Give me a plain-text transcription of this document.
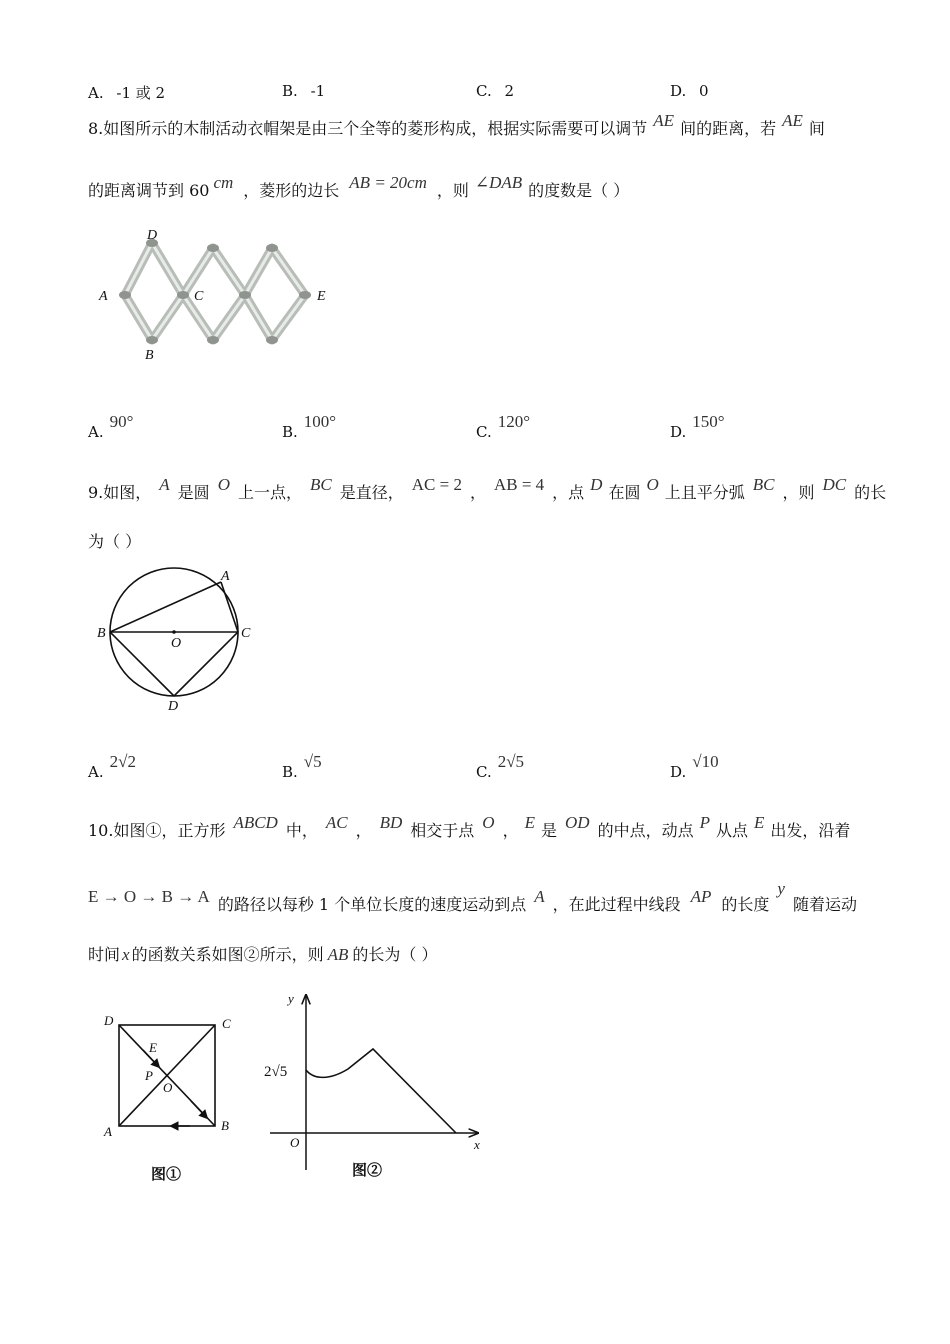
A. -1 或 2	B. -1	C. 2	D. 0
8.如图所示的木制活动衣帽架是由三个全等的菱形构成，根据实际需要可以调节 AE 间的距离，若 AE 间
的距离调节到 60 cm ，菱形的边长 AB = 20cm ，则 ∠DAB 的度数是（ ）
D
A	C	E
B
A.90°
B.100°
C.120°
D.150°
9.如图， A 是圆 O 上一点， BC 是直径， AC = 2 ， AB = 4 ，点 D 在圆 O 上且平分弧 BC ，则 DC 的长
为（ ）
A
B	C
O
D
A.2√2
B.√5
C.2√5
D.√10
10.如图①，正方形 ABCD 中， AC ， BD 相交于点 O ， E 是 OD 的中点，动点 P 从点 E 出发，沿着
E → O → B → A 的路径以每秒 1 个单位长度的速度运动到点 A ，在此过程中线段 AP 的长度y随着运动
时间 x 的函数关系如图②所示，则 AB 的长为（ ）
D	C
E
P
O
A	B
图①
y
x
O
2√5
图②
